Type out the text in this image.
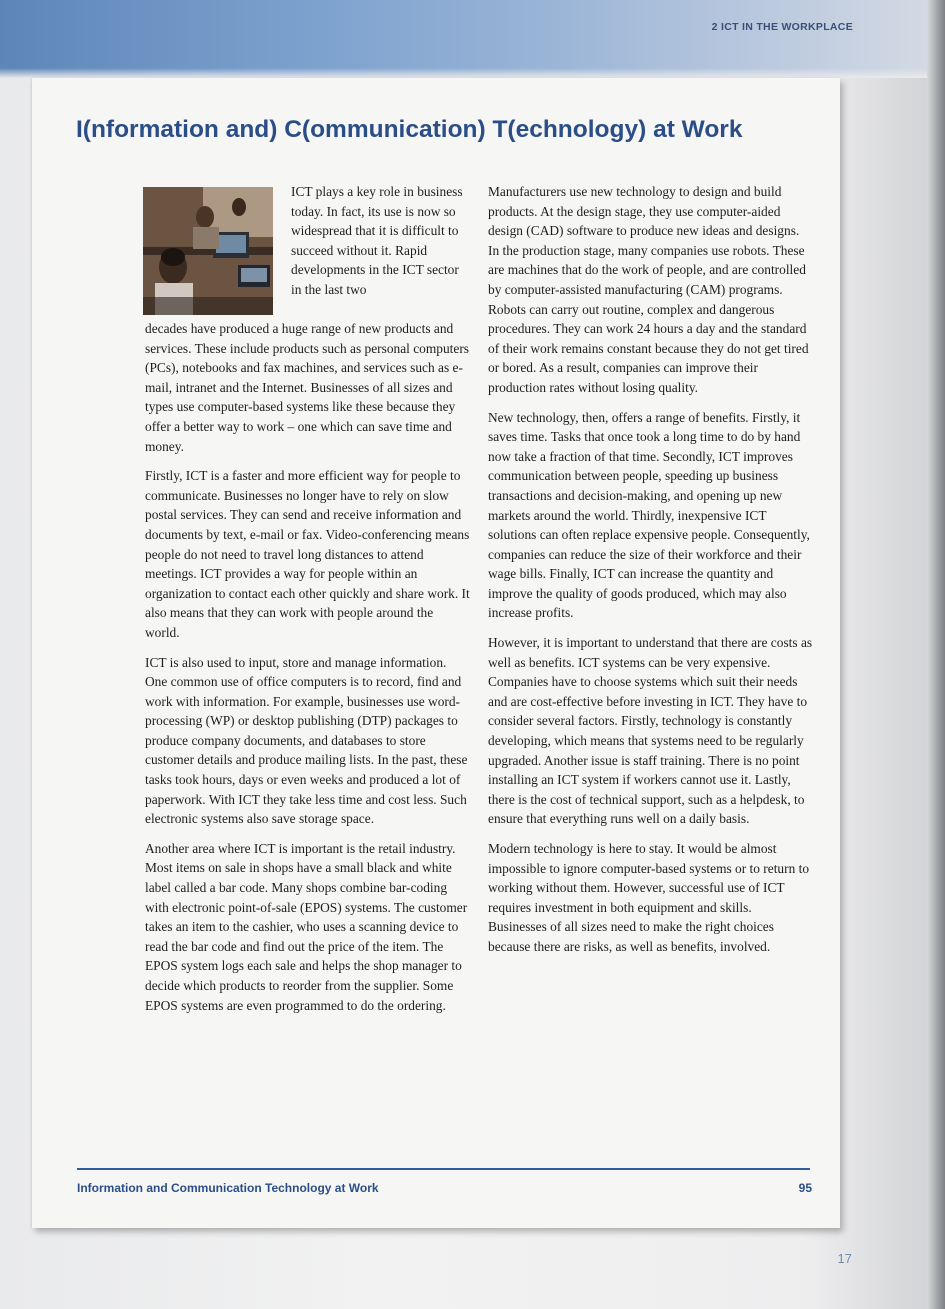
2 ICT IN THE WORKPLACE
I(nformation and) C(ommunication) T(echnology) at Work
ICT plays a key role in business today. In fact, its use is now so widespread that it is difficult to succeed without it. Rapid developments in the ICT sector in the last two

decades have produced a huge range of new products and services. These include products such as personal computers (PCs), notebooks and fax machines, and services such as e-mail, intranet and the Internet. Businesses of all sizes and types use computer-based systems like these because they offer a better way to work – one which can save time and money.

Firstly, ICT is a faster and more efficient way for people to communicate. Businesses no longer have to rely on slow postal services. They can send and receive information and documents by text, e-mail or fax. Video-conferencing means people do not need to travel long distances to attend meetings. ICT provides a way for people within an organization to contact each other quickly and share work. It also means that they can work with people around the world.

ICT is also used to input, store and manage information. One common use of office computers is to record, find and work with information. For example, businesses use word-processing (WP) or desktop publishing (DTP) packages to produce company documents, and databases to store customer details and produce mailing lists. In the past, these tasks took hours, days or even weeks and produced a lot of paperwork. With ICT they take less time and cost less. Such electronic systems also save storage space.

Another area where ICT is important is the retail industry. Most items on sale in shops have a small black and white label called a bar code. Many shops combine bar-coding with electronic point-of-sale (EPOS) systems. The customer takes an item to the cashier, who uses a scanning device to read the bar code and find out the price of the item. The EPOS system logs each sale and helps the shop manager to decide which products to reorder from the supplier. Some EPOS systems are even programmed to do the ordering.

Manufacturers use new technology to design and build products. At the design stage, they use computer-aided design (CAD) software to produce new ideas and designs. In the production stage, many companies use robots. These are machines that do the work of people, and are controlled by computer-assisted manufacturing (CAM) programs. Robots can carry out routine, complex and dangerous procedures. They can work 24 hours a day and the standard of their work remains constant because they do not get tired or bored. As a result, companies can improve their production rates without losing quality.

New technology, then, offers a range of benefits. Firstly, it saves time. Tasks that once took a long time to do by hand now take a fraction of that time. Secondly, ICT improves communication between people, speeding up business transactions and decision-making, and opening up new markets around the world. Thirdly, inexpensive ICT solutions can often replace expensive people. Consequently, companies can reduce the size of their workforce and their wage bills. Finally, ICT can increase the quantity and improve the quality of goods produced, which may also increase profits.

However, it is important to understand that there are costs as well as benefits. ICT systems can be very expensive. Companies have to choose systems which suit their needs and are cost-effective before investing in ICT. They have to consider several factors. Firstly, technology is constantly developing, which means that systems need to be regularly upgraded. Another issue is staff training. There is no point installing an ICT system if workers cannot use it. Lastly, there is the cost of technical support, such as a helpdesk, to ensure that everything runs well on a daily basis.

Modern technology is here to stay. It would be almost impossible to ignore computer-based systems or to return to working without them. However, successful use of ICT requires investment in both equipment and skills. Businesses of all sizes need to make the right choices because there are risks, as well as benefits, involved.

Information and Communication Technology at Work	95
17
